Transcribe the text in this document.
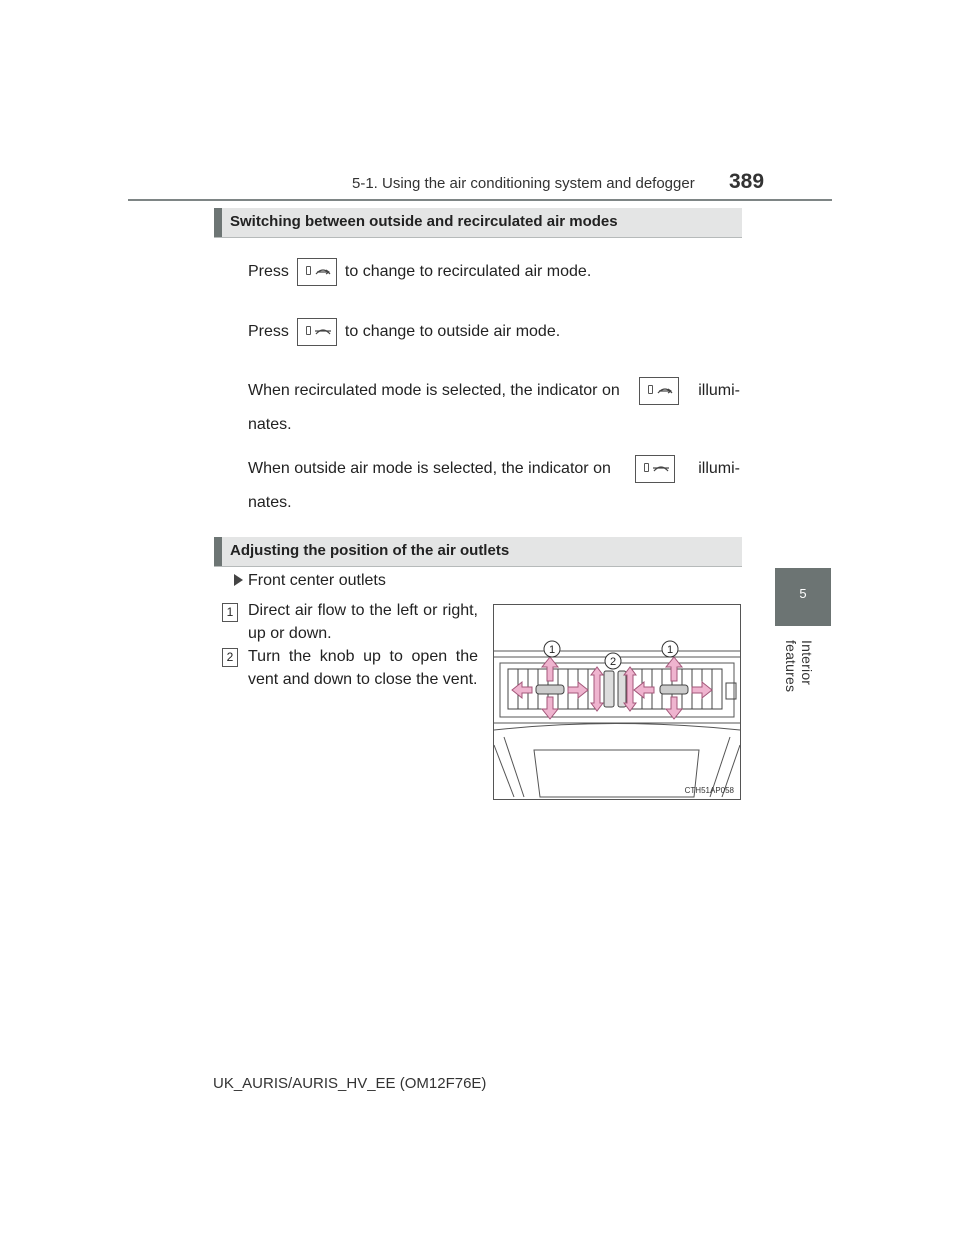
5-1. Using the air conditioning system and defogger 389
5
Interior features
Switching between outside and recirculated air modes
Press	to change to recirculated air mode.
Press	to change to outside air mode.
When recirculated mode is selected, the indicator on	illumi-
nates.
When outside air mode is selected, the indicator on	illumi-
nates.
Adjusting the position of the air outlets
Front center outlets
1 Direct air flow to the left or right, up or down.
2 Turn the knob up to open the vent and down to close the vent.
1	1
2
CTH51AP058
UK_AURIS/AURIS_HV_EE (OM12F76E)
